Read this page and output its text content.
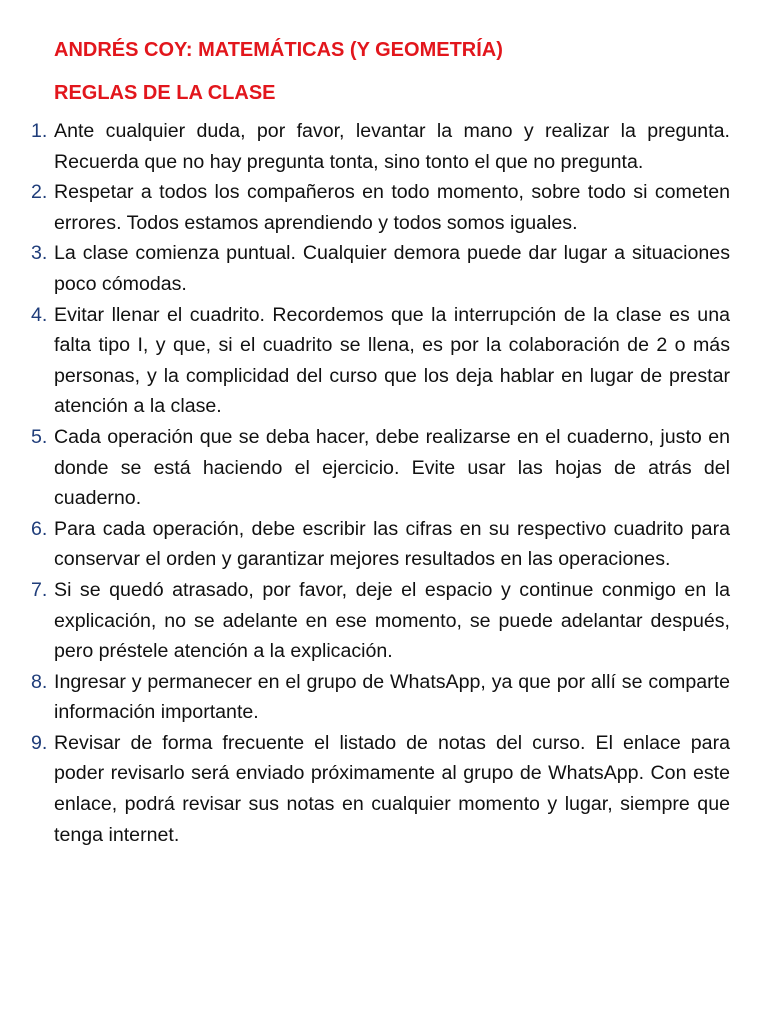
ANDRÉS COY: MATEMÁTICAS (Y GEOMETRÍA)
REGLAS DE LA CLASE
1. Ante cualquier duda, por favor, levantar la mano y realizar la pregunta. Recuerda que no hay pregunta tonta, sino tonto el que no pregunta.
2. Respetar a todos los compañeros en todo momento, sobre todo si cometen errores. Todos estamos aprendiendo y todos somos iguales.
3. La clase comienza puntual. Cualquier demora puede dar lugar a situaciones poco cómodas.
4. Evitar llenar el cuadrito. Recordemos que la interrupción de la clase es una falta tipo I, y que, si el cuadrito se llena, es por la colaboración de 2 o más personas, y la complicidad del curso que los deja hablar en lugar de prestar atención a la clase.
5. Cada operación que se deba hacer, debe realizarse en el cuaderno, justo en donde se está haciendo el ejercicio. Evite usar las hojas de atrás del cuaderno.
6. Para cada operación, debe escribir las cifras en su respectivo cuadrito para conservar el orden y garantizar mejores resultados en las operaciones.
7. Si se quedó atrasado, por favor, deje el espacio y continue conmigo en la explicación, no se adelante en ese momento, se puede adelantar después, pero préstele atención a la explicación.
8. Ingresar y permanecer en el grupo de WhatsApp, ya que por allí se comparte información importante.
9. Revisar de forma frecuente el listado de notas del curso. El enlace para poder revisarlo será enviado próximamente al grupo de WhatsApp. Con este enlace, podrá revisar sus notas en cualquier momento y lugar, siempre que tenga internet.
